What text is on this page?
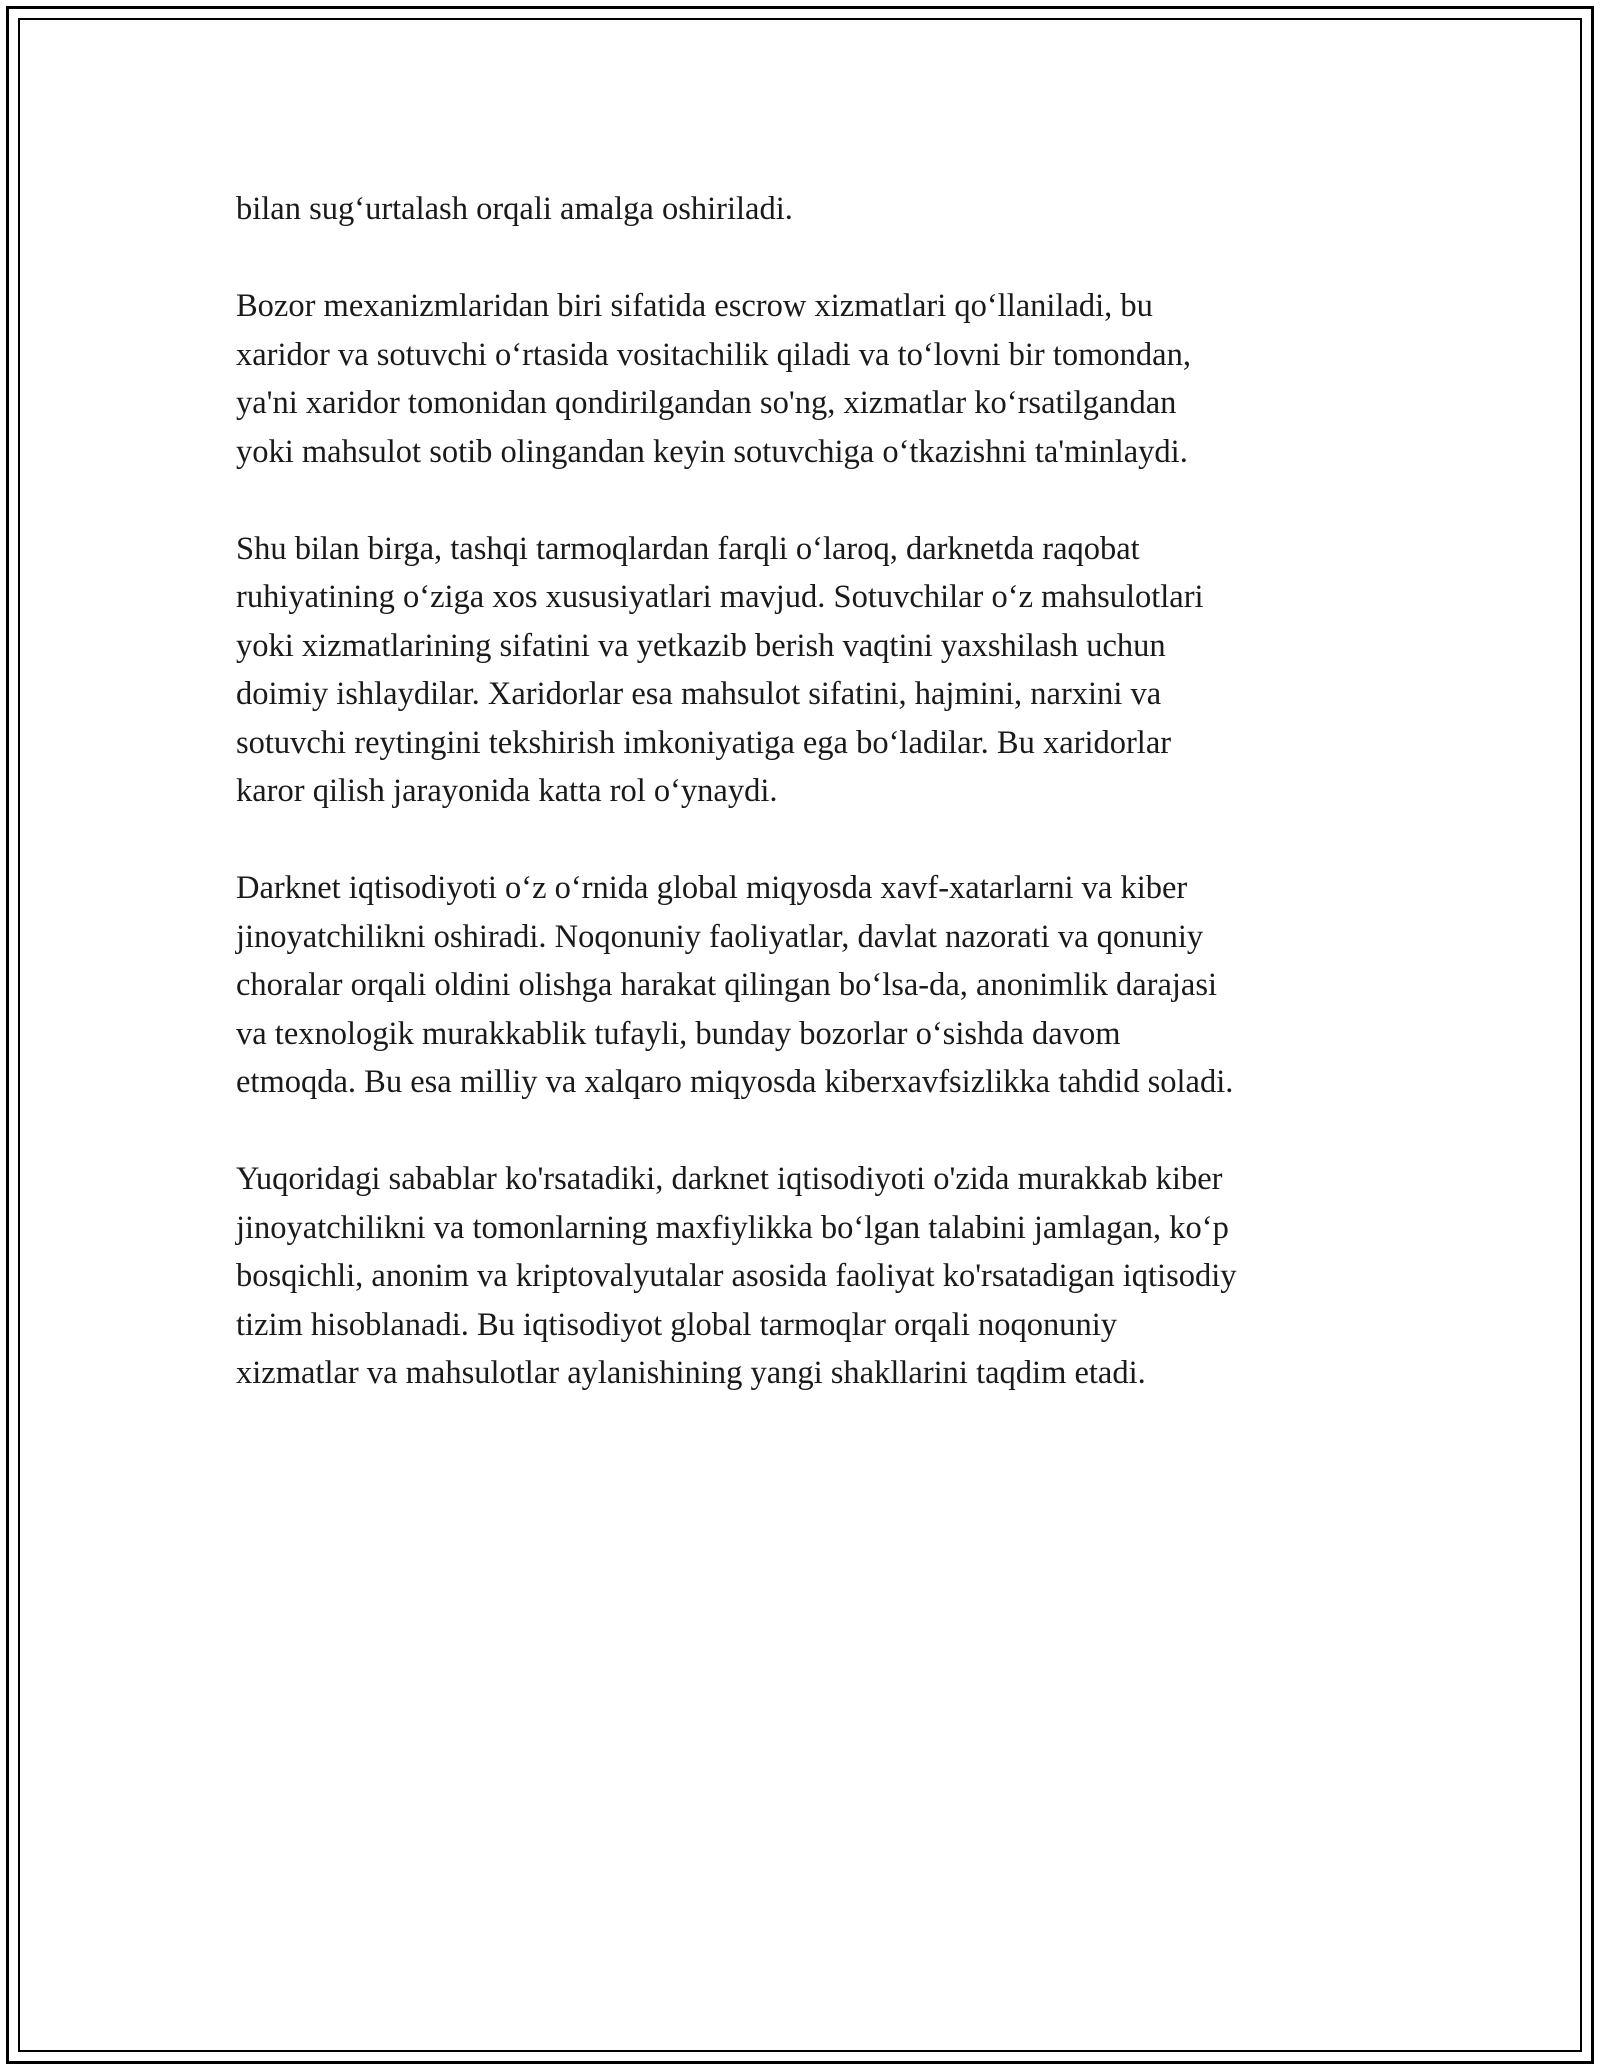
bilan sug‘urtalash orqali amalga oshiriladi.
Bozor mexanizmlaridan biri sifatida escrow xizmatlari qo‘llaniladi, bu
xaridor va sotuvchi o‘rtasida vositachilik qiladi va to‘lovni bir tomondan,
ya'ni xaridor tomonidan qondirilgandan so'ng, xizmatlar ko‘rsatilgandan
yoki mahsulot sotib olingandan keyin sotuvchiga o‘tkazishni ta'minlaydi.
Shu bilan birga, tashqi tarmoqlardan farqli o‘laroq, darknetda raqobat
ruhiyatining o‘ziga xos xususiyatlari mavjud. Sotuvchilar o‘z mahsulotlari
yoki xizmatlarining sifatini va yetkazib berish vaqtini yaxshilash uchun
doimiy ishlaydilar. Xaridorlar esa mahsulot sifatini, hajmini, narxini va
sotuvchi reytingini tekshirish imkoniyatiga ega bo‘ladilar. Bu xaridorlar
karor qilish jarayonida katta rol o‘ynaydi.
Darknet iqtisodiyoti o‘z o‘rnida global miqyosda xavf-xatarlarni va kiber
jinoyatchilikni oshiradi. Noqonuniy faoliyatlar, davlat nazorati va qonuniy
choralar orqali oldini olishga harakat qilingan bo‘lsa-da, anonimlik darajasi
va texnologik murakkablik tufayli, bunday bozorlar o‘sishda davom
etmoqda. Bu esa milliy va xalqaro miqyosda kiberxavfsizlikka tahdid soladi.
Yuqoridagi sabablar ko'rsatadiki, darknet iqtisodiyoti o'zida murakkab kiber
jinoyatchilikni va tomonlarning maxfiylikka bo‘lgan talabini jamlagan, ko‘p
bosqichli, anonim va kriptovalyutalar asosida faoliyat ko'rsatadigan iqtisodiy
tizim hisoblanadi. Bu iqtisodiyot global tarmoqlar orqali noqonuniy
xizmatlar va mahsulotlar aylanishining yangi shakllarini taqdim etadi.
